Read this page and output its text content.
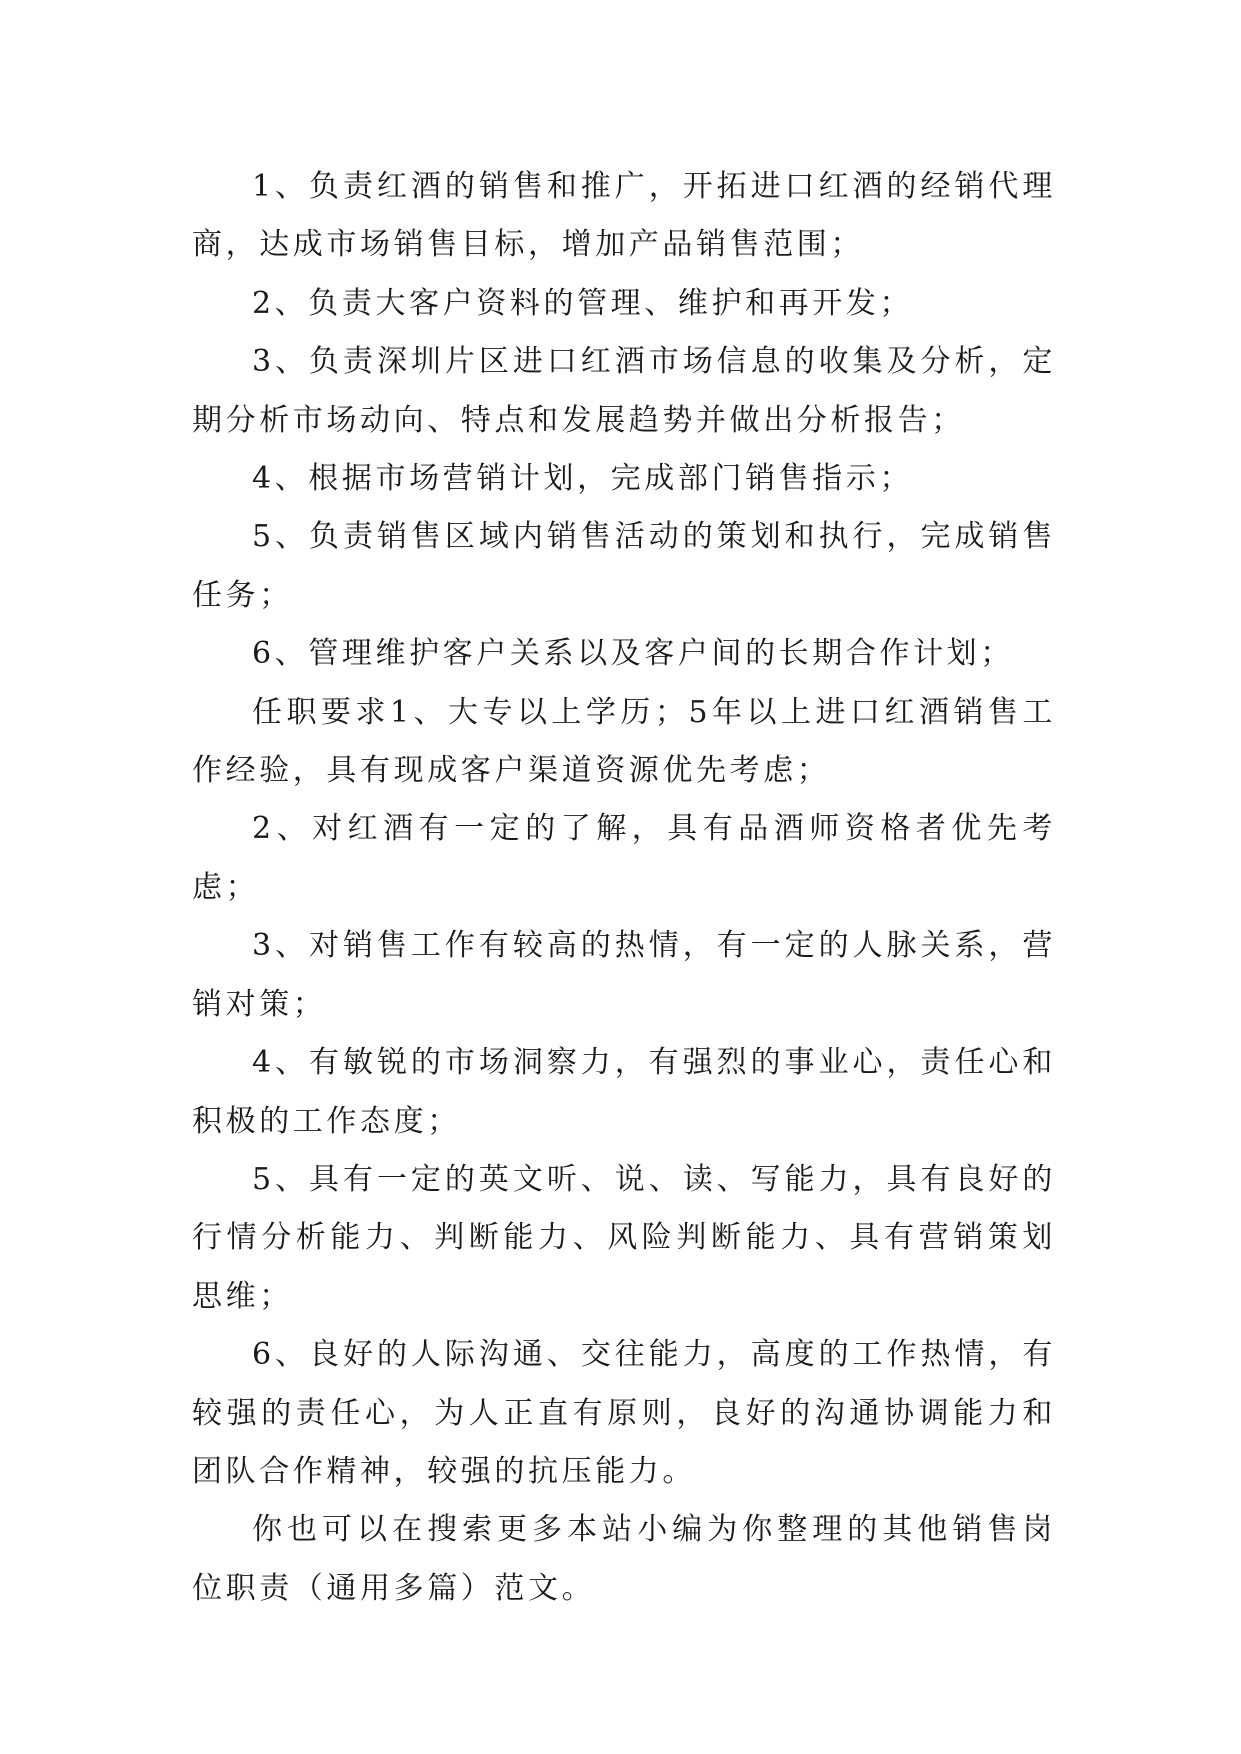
1、负责红酒的销售和推广，开拓进口红酒的经销代理商，达成市场销售目标，增加产品销售范围；

2、负责大客户资料的管理、维护和再开发；

3、负责深圳片区进口红酒市场信息的收集及分析，定期分析市场动向、特点和发展趋势并做出分析报告；

4、根据市场营销计划，完成部门销售指示；

5、负责销售区域内销售活动的策划和执行，完成销售任务；

6、管理维护客户关系以及客户间的长期合作计划；

任职要求1、大专以上学历；5年以上进口红酒销售工作经验，具有现成客户渠道资源优先考虑；

2、对红酒有一定的了解，具有品酒师资格者优先考虑；

3、对销售工作有较高的热情，有一定的人脉关系，营销对策；

4、有敏锐的市场洞察力，有强烈的事业心，责任心和积极的工作态度；

5、具有一定的英文听、说、读、写能力，具有良好的行情分析能力、判断能力、风险判断能力、具有营销策划思维；

6、良好的人际沟通、交往能力，高度的工作热情，有较强的责任心，为人正直有原则，良好的沟通协调能力和团队合作精神，较强的抗压能力。

你也可以在搜索更多本站小编为你整理的其他销售岗位职责（通用多篇）范文。
